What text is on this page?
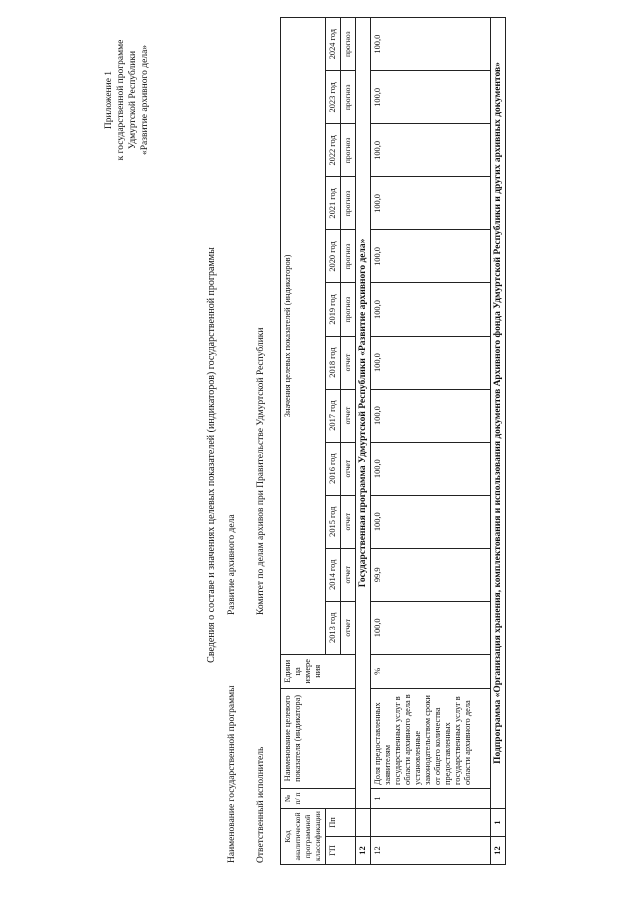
Приложение 1 к государственной программе Удмуртской Республики «Развитие архивного дела»
Сведения о составе и значениях целевых показателей (индикаторов) государственной программы
Наименование государственной программы
Развитие архивного дела
Ответственный исполнитель
Комитет по делам архивов при Правительстве Удмуртской Республики
Код аналитической программной классификации		№ п/ п	Наименование целевого показателя (индикатора)	Едини ца измере ния	Значения целевых показателей (индикаторов)											
ГП	Пп				2013 год	2014 год	2015 год	2016 год	2017 год	2018 год	2019 год	2020 год	2021 год	2022 год	2023 год	2024 год
					отчет	отчет	отчет	отчет	отчет	отчет	прогноз	прогноз	прогноз	прогноз	прогноз	прогноз
12		Государственная программа Удмуртской Республики «Развитие архивного дела»														
12		1	Доля предоставленных заявителям государственных услуг в области архивного дела в установленные законодательством сроки от общего количества предоставленных государственных услуг в области архивного дела	%	100,0	99,9	100,0	100,0	100,0	100,0	100,0	100,0	100,0	100,0	100,0	100,0
12	1	Подпрограмма «Организация хранения, комплектования и использования документов Архивного фонда Удмуртской Республики и других архивных документов»														
